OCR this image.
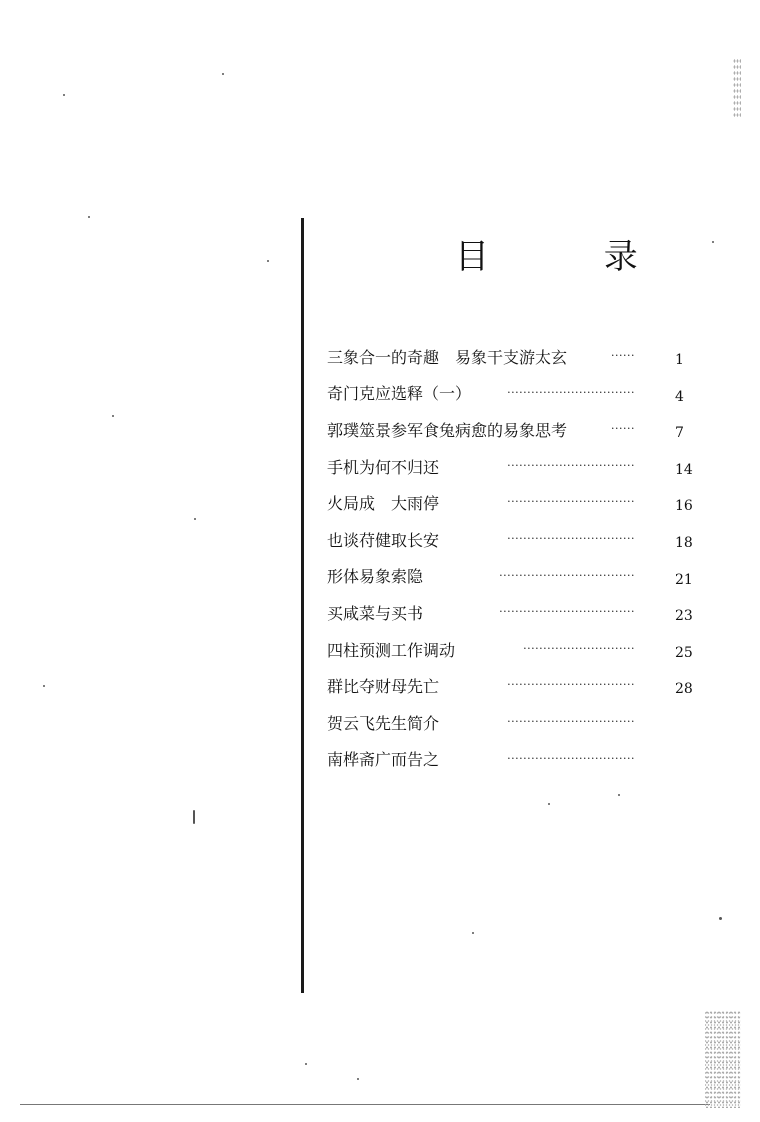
目 录
三象合一的奇趣　易象干支游太玄	······	1
奇门克应选释（一）	································	4
郭璞筮景参军食兔病愈的易象思考	······	7
手机为何不归还	································	14
火局成　大雨停	································	16
也谈苻健取长安	································	18
形体易象索隐	··································	21
买咸菜与买书	··································	23
四柱预测工作调动	····························	25
群比夺财母先亡	································	28
贺云飞先生简介	································
南桦斋广而告之	································
